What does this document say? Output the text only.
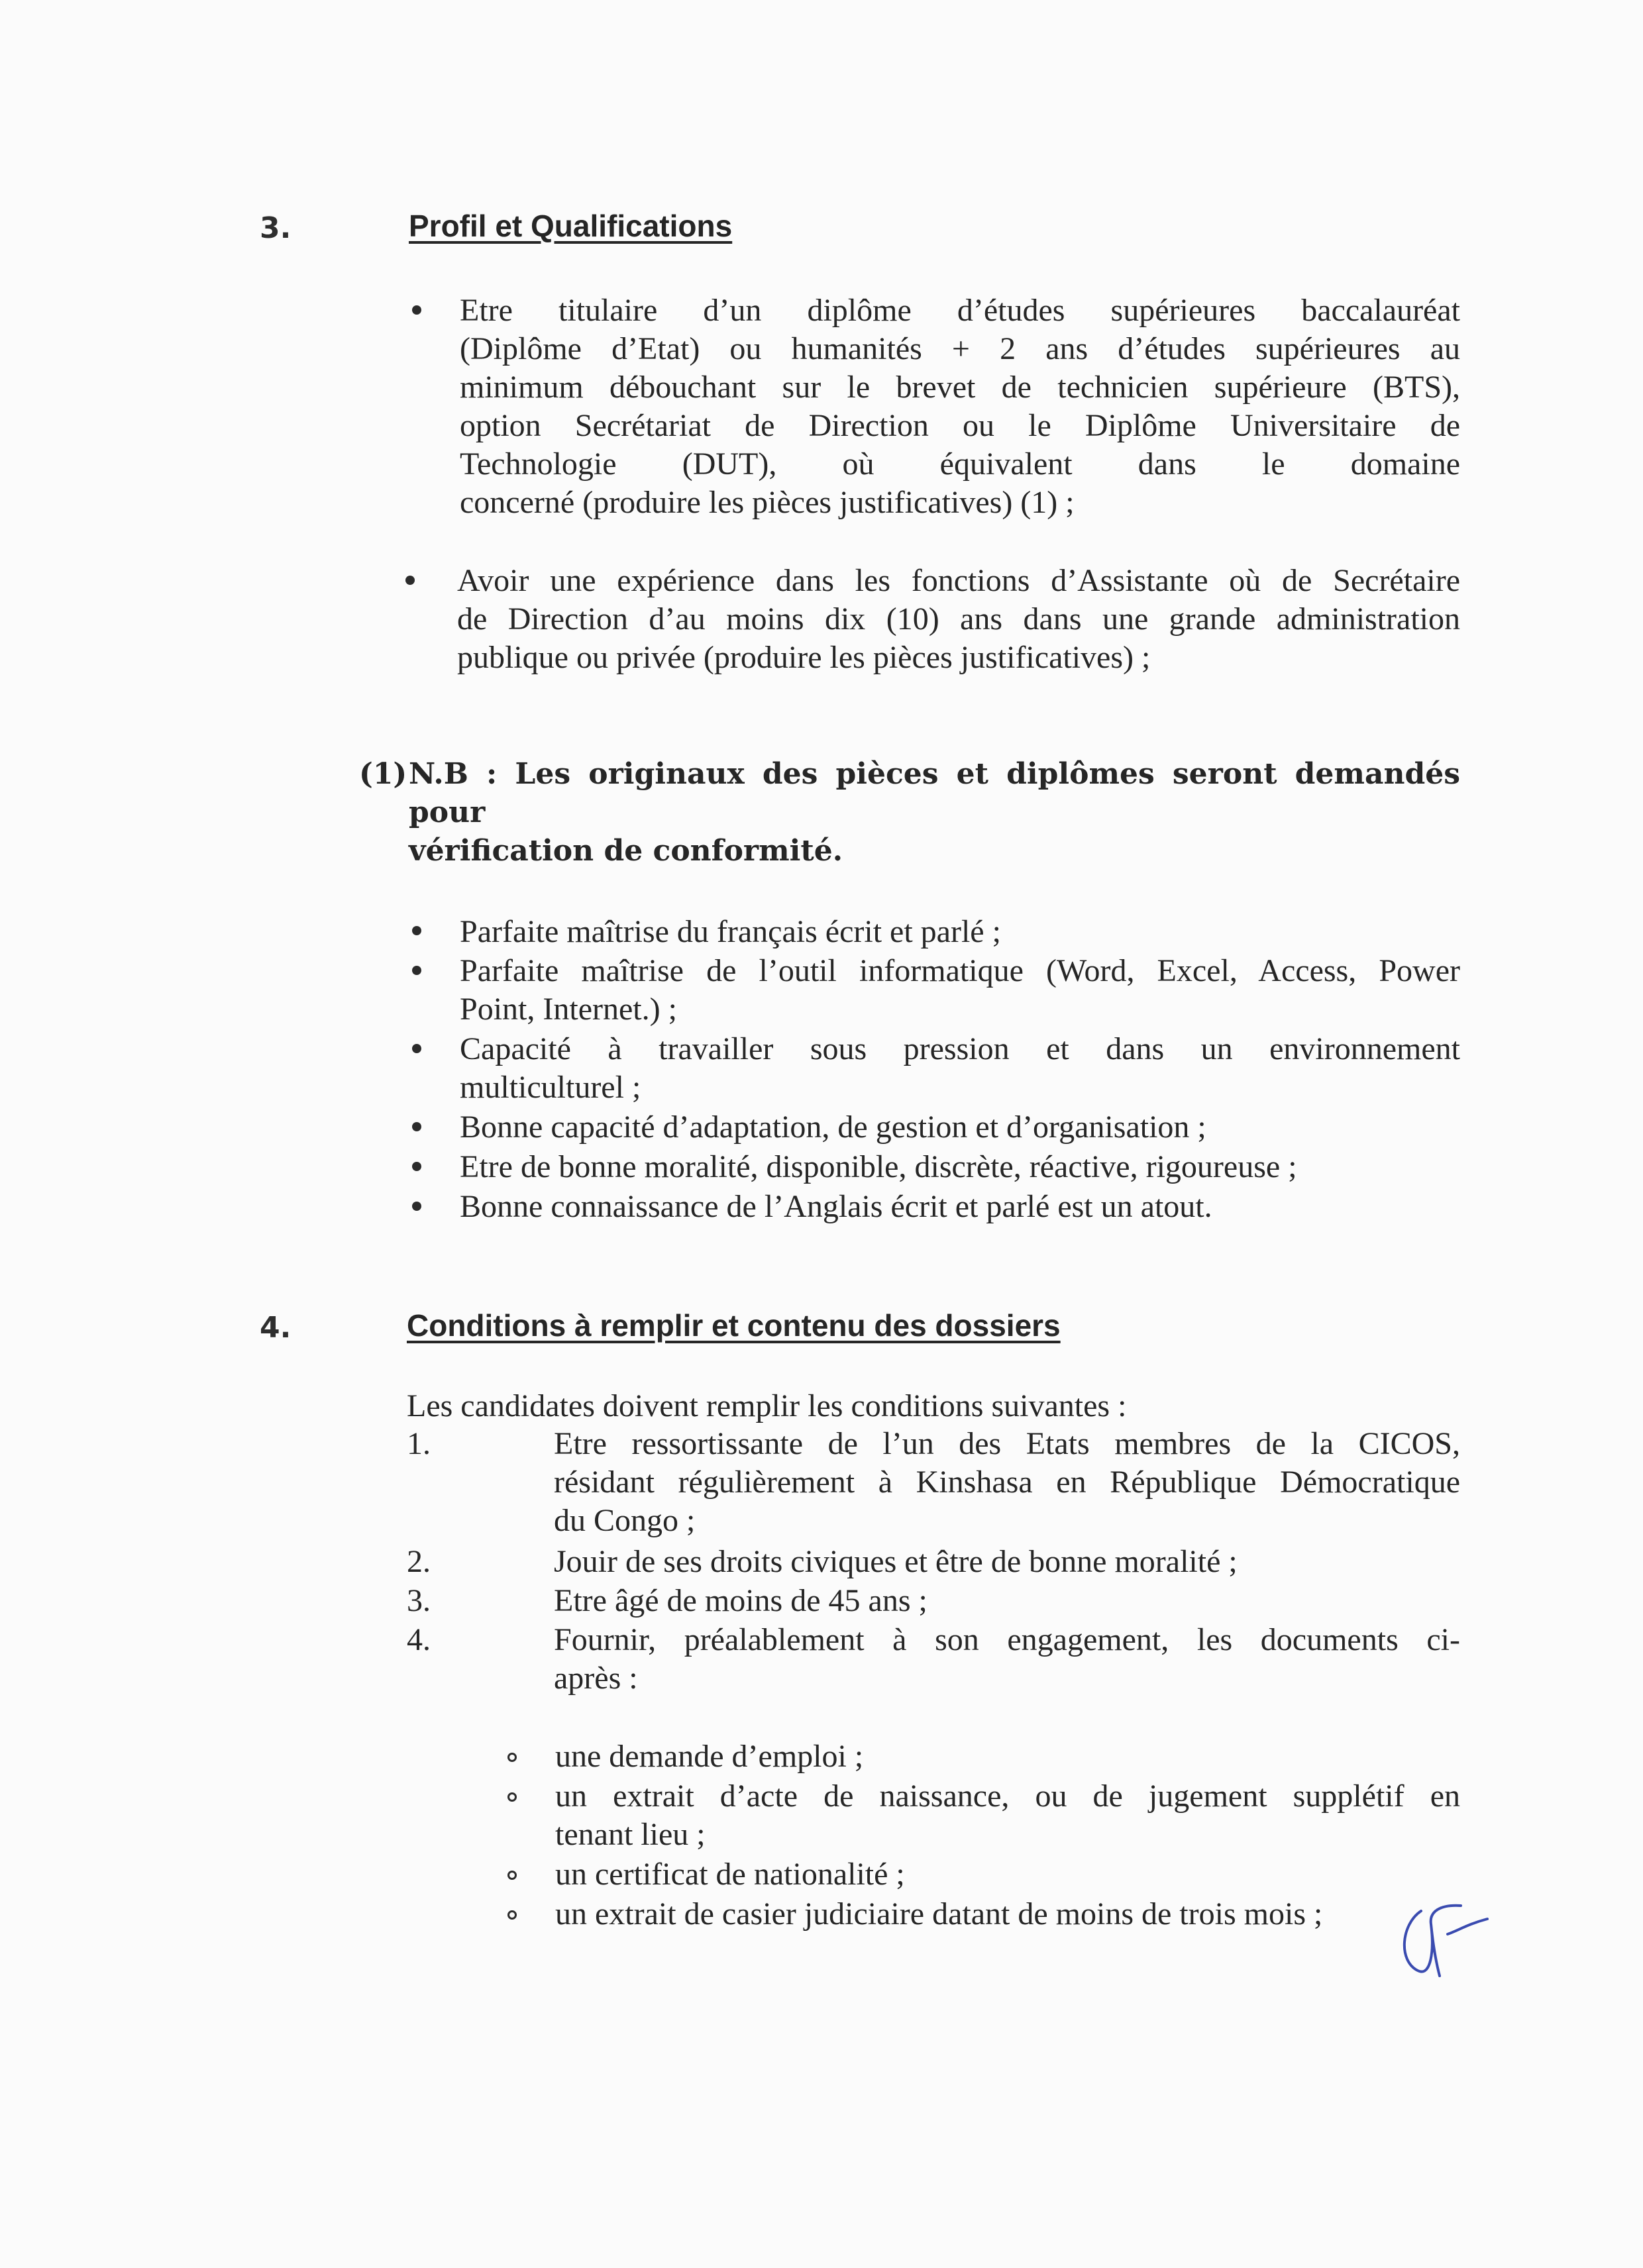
3.	Profil et Qualifications
Etre titulaire d’un diplôme d’études supérieures baccalauréat
(Diplôme d’Etat) ou humanités + 2 ans d’études supérieures au
minimum débouchant sur le brevet de technicien supérieure (BTS),
option Secrétariat de Direction ou le Diplôme Universitaire de
Technologie (DUT), où équivalent dans le domaine
concerné (produire les pièces justificatives) (1) ;
Avoir une expérience dans les fonctions d’Assistante où de Secrétaire
de Direction d’au moins dix (10) ans dans une grande administration
publique ou privée (produire les pièces justificatives) ;
(1) N.B : Les originaux des pièces et diplômes seront demandés pour
vérification de conformité.
Parfaite maîtrise du français écrit et parlé ;
Parfaite maîtrise de l’outil informatique (Word, Excel, Access, Power
Point, Internet.) ;
Capacité à travailler sous pression et dans un environnement
multiculturel ;
Bonne capacité d’adaptation, de gestion et d’organisation ;
Etre de bonne moralité, disponible, discrète, réactive, rigoureuse ;
Bonne connaissance de l’Anglais écrit et parlé est un atout.
4.	Conditions à remplir et contenu des dossiers
Les candidates doivent remplir les conditions suivantes :
1.	Etre ressortissante de l’un des Etats membres de la CICOS,
résidant régulièrement à Kinshasa en République Démocratique
du Congo ;
2.	Jouir de ses droits civiques et être de bonne moralité ;
3.	Etre âgé de moins de 45 ans ;
4.	Fournir, préalablement à son engagement, les documents ci-
après :
une demande d’emploi ;
un extrait d’acte de naissance, ou de jugement supplétif en
tenant lieu ;
un certificat de nationalité ;
un extrait de casier judiciaire datant de moins de trois mois ;
